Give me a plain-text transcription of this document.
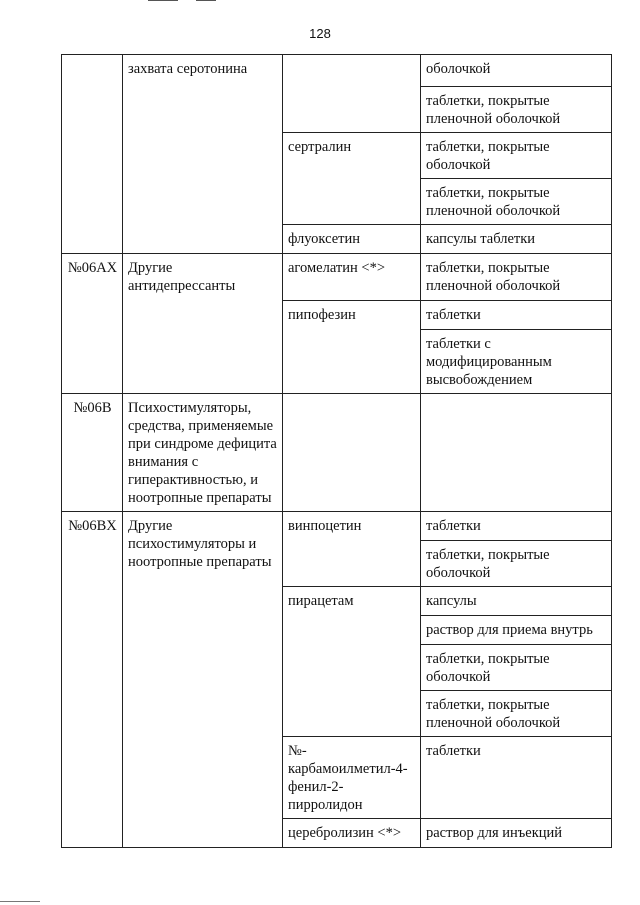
128
	захвата серотонина		оболочкой
			таблетки, покрытые пленочной оболочкой
		сертралин	таблетки, покрытые оболочкой
			таблетки, покрытые пленочной оболочкой
		флуоксетин	капсулы таблетки
№06AX	Другие антидепрессанты	агомелатин <*>	таблетки, покрытые пленочной оболочкой
		пипофезин	таблетки
			таблетки с модифицированным высвобождением
№06B	Психостимуляторы, средства, применяемые при синдроме дефицита внимания с гиперактивностью, и ноотропные препараты		
№06BX	Другие психостимуляторы и ноотропные препараты	винпоцетин	таблетки
			таблетки, покрытые оболочкой
		пирацетам	капсулы
			раствор для приема внутрь
			таблетки, покрытые оболочкой
			таблетки, покрытые пленочной оболочкой
		№-карбамоилметил-4-фенил-2-пирролидон	таблетки
		церебролизин <*>	раствор для инъекций
